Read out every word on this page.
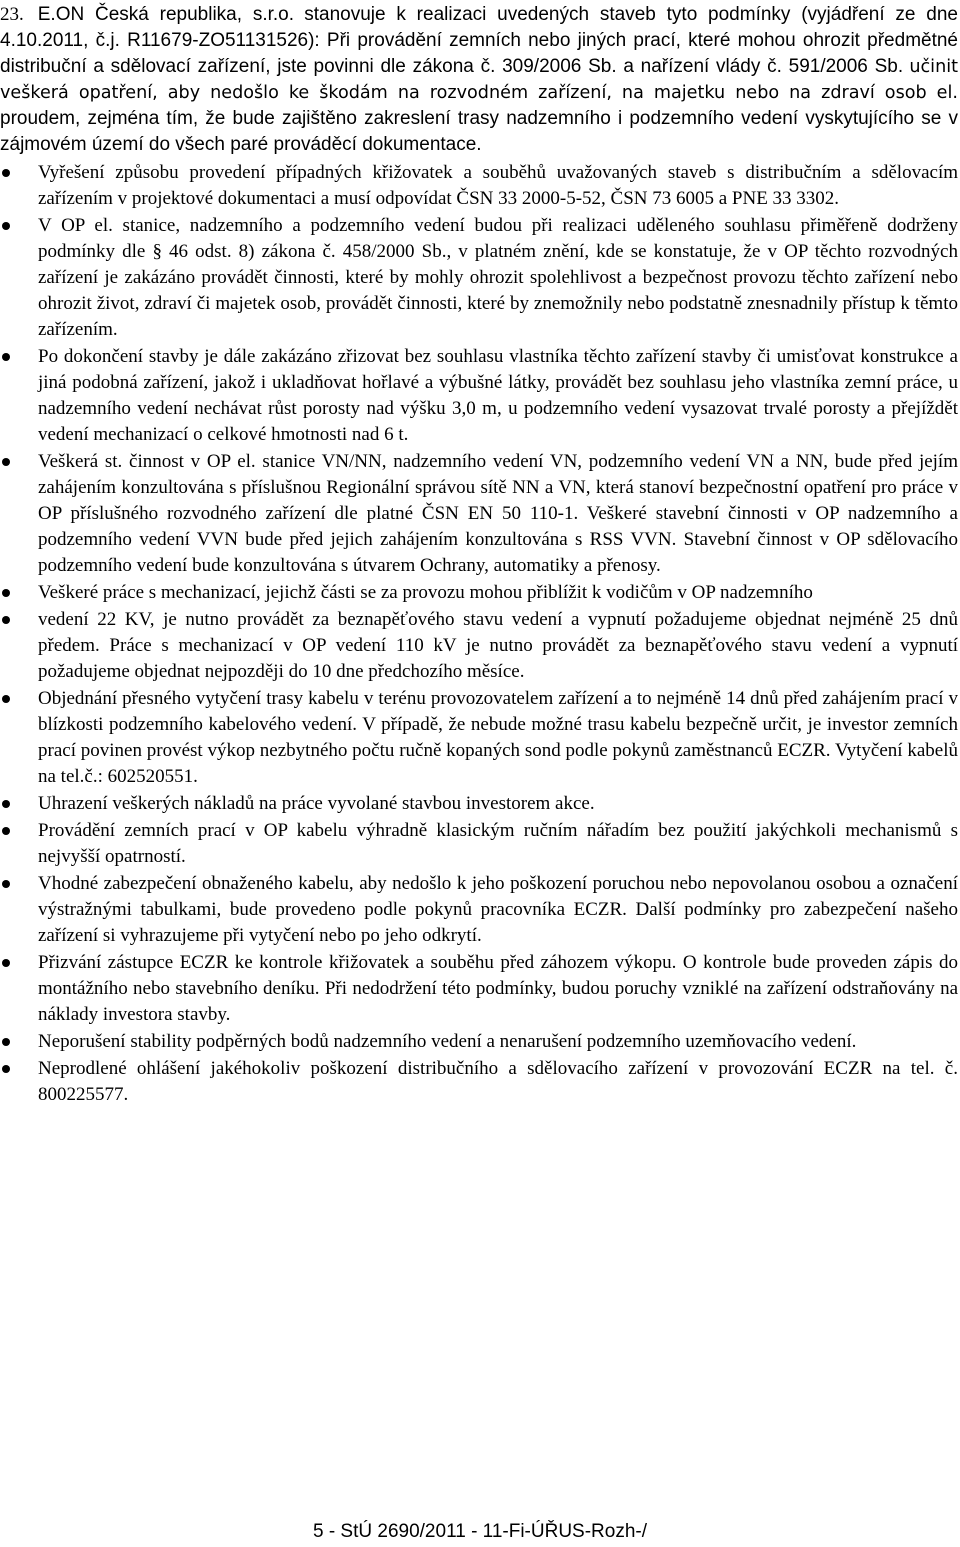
23. E.ON Česká republika, s.r.o. stanovuje k realizaci uvedených staveb tyto podmínky (vyjádření ze dne 4.10.2011, č.j. R11679-ZO51131526): Při provádění zemních nebo jiných prací, které mohou ohrozit předmětné distribuční a sdělovací zařízení, jste povinni dle zákona č. 309/2006 Sb. a nařízení vlády č. 591/2006 Sb. učinit veškerá opatření, aby nedošlo ke škodám na rozvodném zařízení, na majetku nebo na zdraví osob el. proudem, zejména tím, že bude zajištěno zakreslení trasy nadzemního i podzemního vedení vyskytujícího se v zájmovém území do všech paré prováděcí dokumentace.
Vyřešení způsobu provedení případných křižovatek a souběhů uvažovaných staveb s distribučním a sdělovacím zařízením v projektové dokumentaci a musí odpovídat ČSN 33 2000-5-52, ČSN 73 6005 a PNE 33 3302.
V OP el. stanice, nadzemního a podzemního vedení budou při realizaci uděleného souhlasu přiměřeně dodrženy podmínky dle § 46 odst. 8) zákona č. 458/2000 Sb., v platném znění, kde se konstatuje, že v OP těchto rozvodných zařízení je zakázáno provádět činnosti, které by mohly ohrozit spolehlivost a bezpečnost provozu těchto zařízení nebo ohrozit život, zdraví či majetek osob, provádět činnosti, které by znemožnily nebo podstatně znesnadnily přístup k těmto zařízením.
Po dokončení stavby je dále zakázáno zřizovat bez souhlasu vlastníka těchto zařízení stavby či umisťovat konstrukce a jiná podobná zařízení, jakož i ukladňovat hořlavé a výbušné látky, provádět bez souhlasu jeho vlastníka zemní práce, u nadzemního vedení nechávat růst porosty nad výšku 3,0 m, u podzemního vedení vysazovat trvalé porosty a přejíždět vedení mechanizací o celkové hmotnosti nad 6 t.
Veškerá st. činnost v OP el. stanice VN/NN, nadzemního vedení VN, podzemního vedení VN a NN, bude před jejím zahájením konzultována s příslušnou Regionální správou sítě NN a VN, která stanoví bezpečnostní opatření pro práce v OP příslušného rozvodného zařízení dle platné ČSN EN 50 110-1. Veškeré stavební činnosti v OP nadzemního a podzemního vedení VVN bude před jejich zahájením konzultována s RSS VVN. Stavební činnost v OP sdělovacího podzemního vedení bude konzultována s útvarem Ochrany, automatiky a přenosy.
Veškeré práce s mechanizací, jejichž části se za provozu mohou přiblížit k vodičům v OP nadzemního
vedení 22 KV, je nutno provádět za beznapěťového stavu vedení a vypnutí požadujeme objednat nejméně 25 dnů předem. Práce s mechanizací v OP vedení 110 kV je nutno provádět za beznapěťového stavu vedení a vypnutí požadujeme objednat nejpozději do 10 dne předchozího měsíce.
Objednání přesného vytyčení trasy kabelu v terénu provozovatelem zařízení a to nejméně 14 dnů před zahájením prací v blízkosti podzemního kabelového vedení. V případě, že nebude možné trasu kabelu bezpečně určit, je investor zemních prací povinen provést výkop nezbytného počtu ručně kopaných sond podle pokynů zaměstnanců ECZR. Vytyčení kabelů na tel.č.: 602520551.
Uhrazení veškerých nákladů na práce vyvolané stavbou investorem akce.
Provádění zemních prací v OP kabelu výhradně klasickým ručním nářadím bez použití jakýchkoli mechanismů s nejvyšší opatrností.
Vhodné zabezpečení obnaženého kabelu, aby nedošlo k jeho poškození poruchou nebo nepovolanou osobou a označení výstražnými tabulkami, bude provedeno podle pokynů pracovníka ECZR. Další podmínky pro zabezpečení našeho zařízení si vyhrazujeme při vytyčení nebo po jeho odkrytí.
Přizvání zástupce ECZR ke kontrole křižovatek a souběhu před záhozem výkopu. O kontrole bude proveden zápis do montážního nebo stavebního deníku. Při nedodržení této podmínky, budou poruchy vzniklé na zařízení odstraňovány na náklady investora stavby.
Neporušení stability podpěrných bodů nadzemního vedení a nenarušení podzemního uzemňovacího vedení.
Neprodlené ohlášení jakéhokoliv poškození distribučního a sdělovacího zařízení v provozování ECZR na tel. č. 800225577.
5 - StÚ 2690/2011 - 11-Fi-ÚŘUS-Rozh-/
